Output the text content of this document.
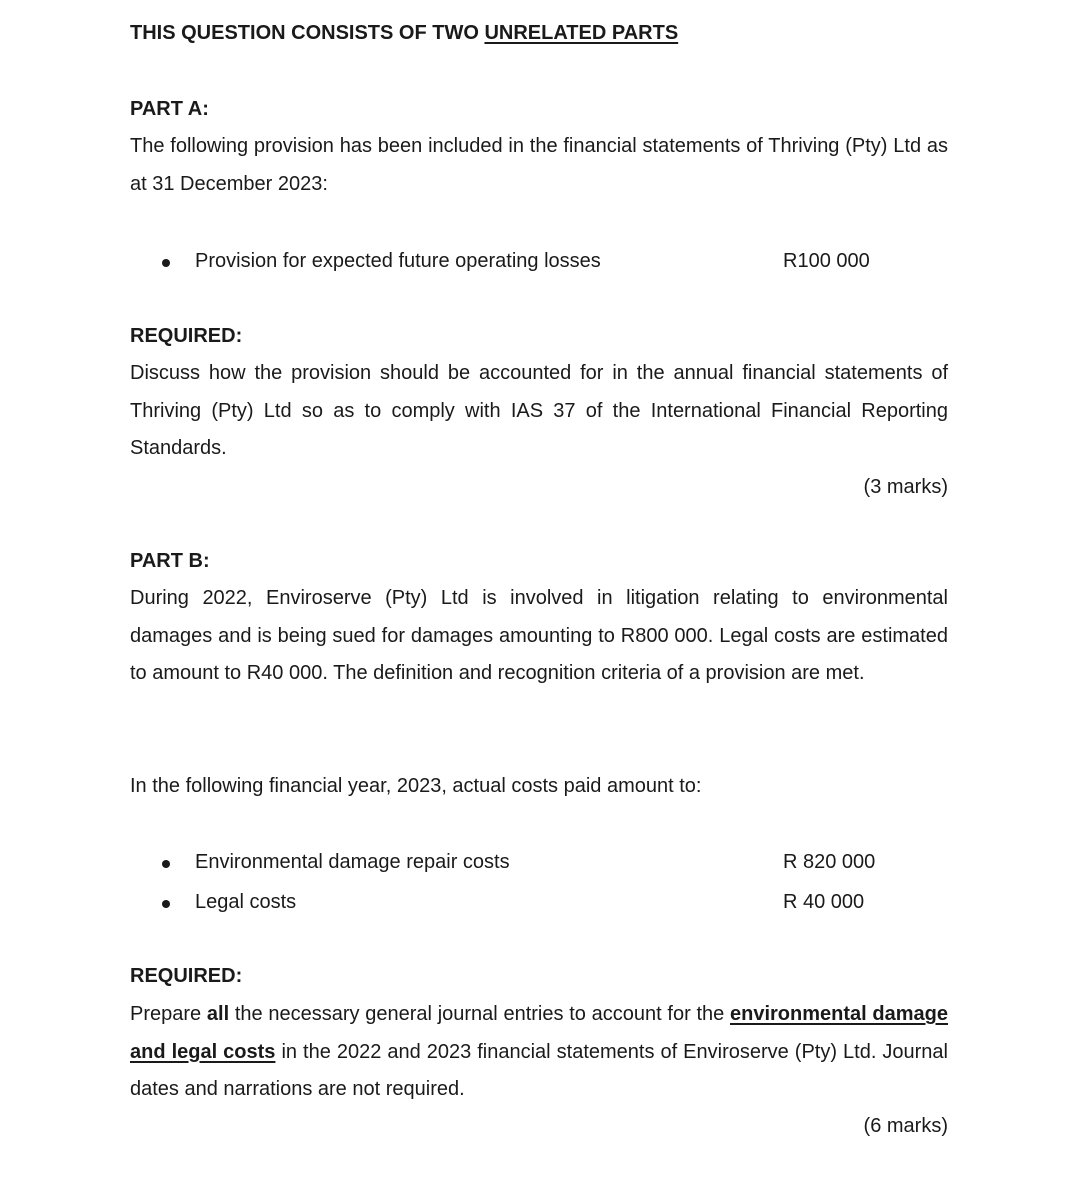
THIS QUESTION CONSISTS OF TWO UNRELATED PARTS
PART A:
The following provision has been included in the financial statements of Thriving (Pty) Ltd as at 31 December 2023:
Provision for expected future operating losses	R100 000
REQUIRED:
Discuss how the provision should be accounted for in the annual financial statements of Thriving (Pty) Ltd so as to comply with IAS 37 of the International Financial Reporting Standards.
(3 marks)
PART B:
During 2022, Enviroserve (Pty) Ltd is involved in litigation relating to environmental damages and is being sued for damages amounting to R800 000. Legal costs are estimated to amount to R40 000. The definition and recognition criteria of a provision are met.
In the following financial year, 2023, actual costs paid amount to:
Environmental damage repair costs	R 820 000
Legal costs	R 40 000
REQUIRED:
Prepare all the necessary general journal entries to account for the environmental damage and legal costs in the 2022 and 2023 financial statements of Enviroserve (Pty) Ltd. Journal dates and narrations are not required.
(6 marks)
